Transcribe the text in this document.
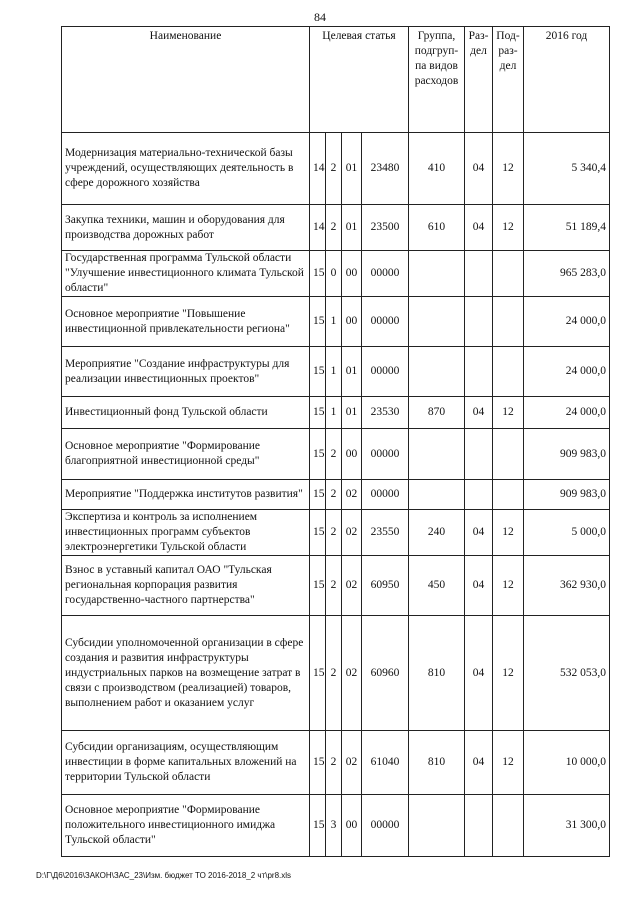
84
Наименование	Целевая статья				Группа, подгруп-па видов расходов	Раз-дел	Под-раз-дел	2016 год
Модернизация материально-технической базы учреждений, осуществляющих деятельность в сфере дорожного хозяйства	14	2	01	23480	410	04	12	5 340,4
Закупка техники, машин и оборудования для производства дорожных работ	14	2	01	23500	610	04	12	51 189,4
Государственная программа Тульской области "Улучшение инвестиционного климата Тульской области"	15	0	00	00000				965 283,0
Основное мероприятие "Повышение инвестиционной привлекательности региона"	15	1	00	00000				24 000,0
Мероприятие "Создание инфраструктуры для реализации инвестиционных проектов"	15	1	01	00000				24 000,0
Инвестиционный фонд Тульской области	15	1	01	23530	870	04	12	24 000,0
Основное мероприятие "Формирование благоприятной инвестиционной среды"	15	2	00	00000				909 983,0
Мероприятие "Поддержка институтов развития"	15	2	02	00000				909 983,0
Экспертиза и контроль за исполнением инвестиционных программ субъектов электроэнергетики Тульской области	15	2	02	23550	240	04	12	5 000,0
Взнос в уставный капитал ОАО "Тульская региональная корпорация развития государственно-частного партнерства"	15	2	02	60950	450	04	12	362 930,0
Субсидии уполномоченной организации в сфере создания и развития инфраструктуры индустриальных парков на возмещение затрат в связи с производством (реализацией) товаров, выполнением работ и оказанием услуг	15	2	02	60960	810	04	12	532 053,0
Субсидии организациям, осуществляющим инвестиции в форме капитальных вложений на территории Тульской области	15	2	02	61040	810	04	12	10 000,0
Основное мероприятие "Формирование положительного инвестиционного имиджа Тульской области"	15	3	00	00000				31 300,0
D:\Г\Д6\2016\ЗАКОН\ЗАС_23\Изм. бюджет ТО 2016-2018_2 чт\pr8.xls
